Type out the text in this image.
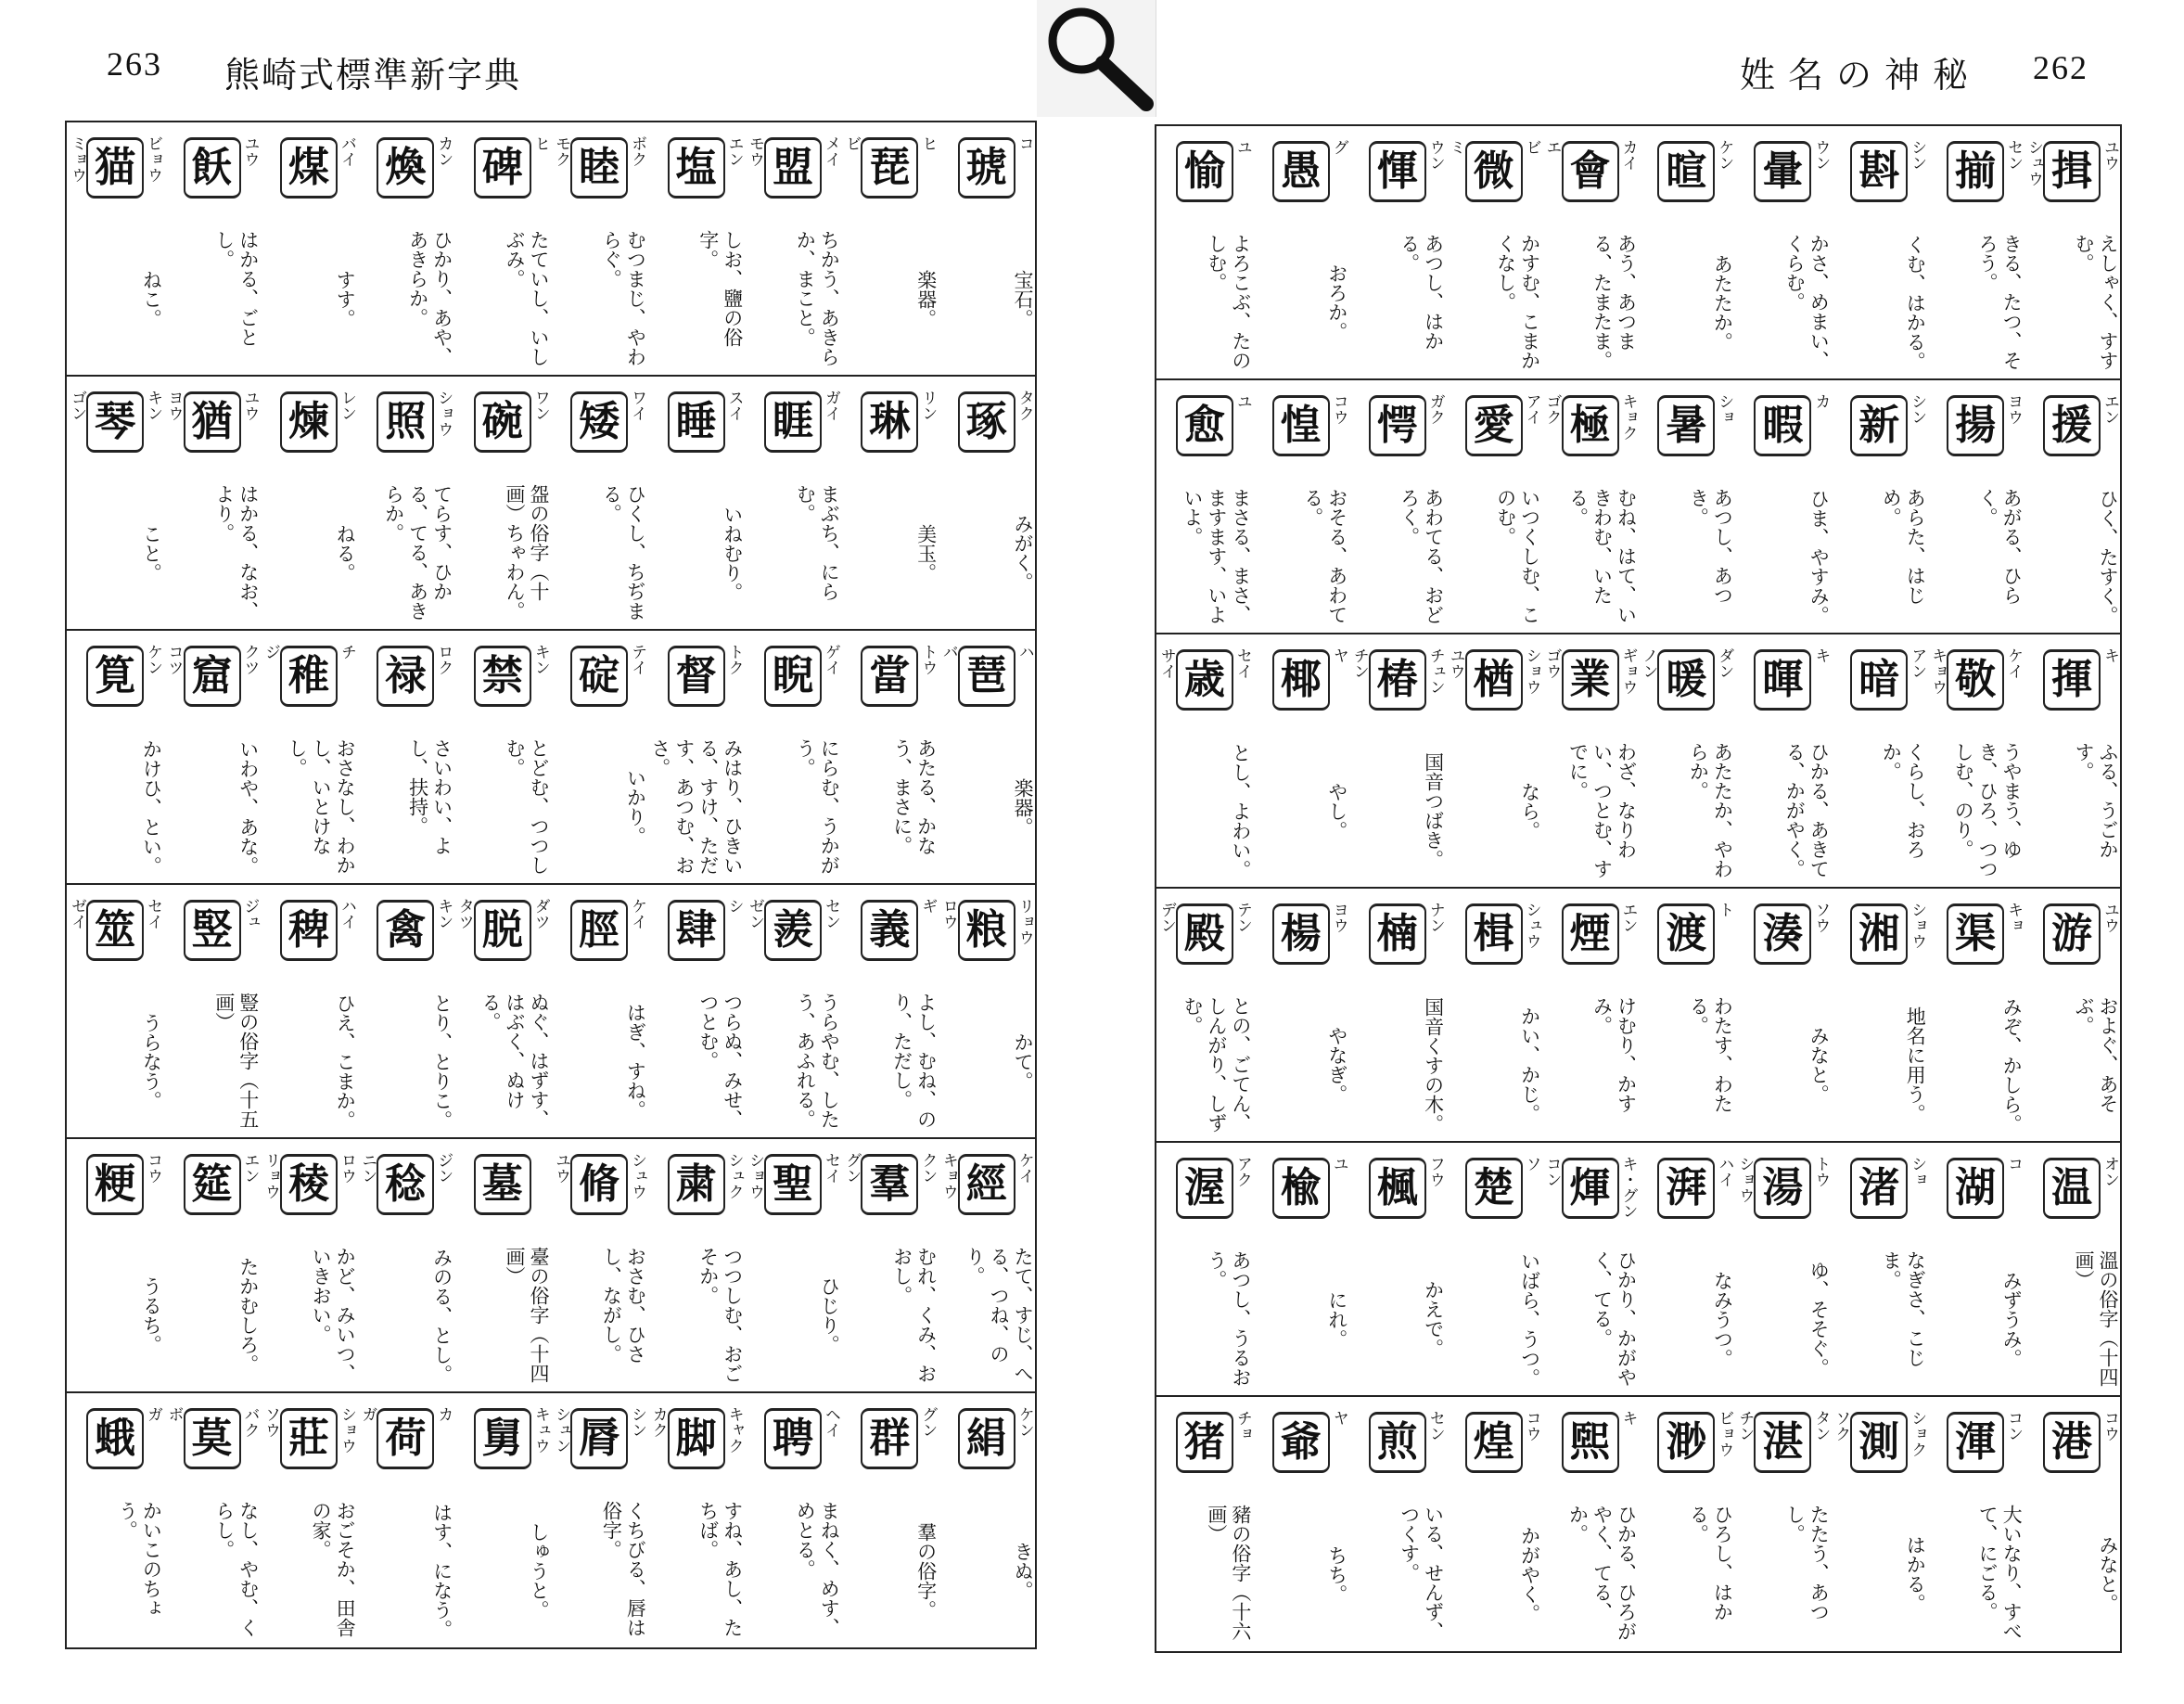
263 熊崎式標準新字典	姓名の神秘 262
琥
コ
宝石。
琵
ヒ
ビ
楽器。
盟 メイ
モウ
ちかう、あきらか、まこと。
塩 エン
しお、鹽の俗字。
睦 ボク
モク
むつまじ、やわらぐ。
碑
ヒ
たていし、いしぶみ。
煥 カン
ひかり、あや、あきらか。
煤 バイ
すす。
飫 ユウ
はかる、ごとし。
猫 ビョウ
ミョウ
ねこ。
琢 タク
みがく。
琳 リン
美玉。
睚 ガイ
まぶち、にらむ。
睡 スイ
いねむり。
矮 ワイ
ひくし、ちぢまる。
碗 ワン
盌の俗字（十画）ちゃわん。
照 ショウ
てらす、ひかる、てる、あきらか。
煉 レン
ねる。
猶 ユウ
ヨウ
はかる、なお、より。
琴 キン
ゴン
こと。
琶
ハ
バ
楽器。
當 トウ
あたる、かなう、まさに。
睨 ゲイ
にらむ、うかがう。
督 トク
みはり、ひきいる、すけ、ただす、あつむ、おさ。
碇 テイ
いかり。
禁 キン
とどむ、つつしむ。
禄 ロク
さいわい、よし、扶持。
稚
チ
ジ
おさなし、わかし、いとけなし。
窟 クツ
コツ
いわや、あな。
筧 ケン
かけひ、とい。
粮 リョウ
ロウ
かて。
義
ギ
よし、むね、のり、ただし。
羨 セン
ゼン
うらやむ、したう、あふれる。
肆
シ
つらぬ、みせ、つとむ。
脛 ケイ
はぎ、すね。
脱 ダツ
タツ
ぬぐ、はずす、はぶく、ぬける。
禽 キン
とり、とりこ。
稗 ハイ
ひえ、こまか。
竪 ジュ
豎の俗字（十五画）
筮 セイ
ゼイ
うらなう。
經 ケイ
キョウ
たて、すじ、へる、つね、のり。
羣 クン
グン
むれ、くみ、おおし。
聖 セイ
ショウ
ひじり。
粛 シュク
つつしむ、おごそか。
脩 シュウ
ユウ
おさむ、ひさし、ながし。
墓
臺の俗字（十四画）
稔 ジン
ニン
みのる、とし。
稜 ロウ
リョウ
かど、みいつ、いきおい。
筵 エン
たかむしろ。
粳 コウ
うるち。
絹 ケン
きぬ。
群 グン
羣の俗字。
聘 ヘイ
まねく、めす、めとる。
脚 キャク
カク
すね、あし、たちば。
脣 シン
シュン
くちびる、唇は俗字。
舅 キュウ
しゅうと。
荷
カ
ガ
はす、になう。
莊 ショウ
ソウ
おごそか、田舎の家。
莫 バク
ボ
なし、やむ、くらし。
蛾
ガ
かいこのちょう。
揖 ユウ
シュウ
えしゃく、すすむ。
揃 セン
きる、たつ、そろう。
斟 シン
くむ、はかる。
暈 ウン
かさ、めまい、くらむ。
暄 ケン
あたたか。
會 カイ
エ
あう、あつまる、たまたま。
微
ビ
ミ
かすむ、こまかくなし。
惲 ウン
あつし、はかる。
愚
グ
おろか。
愉
ユ
よろこぶ、たのしむ。
援 エン
ひく、たすく。
揚 ヨウ
あがる、ひらく。
新 シン
あらた、はじめ。
暇
カ
ひま、やすみ。
暑 ショ
あつし、あつき。
極 キョク
ゴク
むね、はて、いきわむ、いたる。
愛 アイ
いつくしむ、このむ。
愕 ガク
あわてる、おどろく。
惶 コウ
おそる、あわてる。
愈
ユ
まさる、まさ、ますます、いよいよ。
揮
キ
ふる、うごかす。
敬 ケイ
キョウ
うやまう、ゆき、ひろ、つつしむ、のり。
暗 アン
くらし、おろか。
暉
キ
ひかる、あきてる、かがやく。
暖 ダン
ノン
あたたか、やわらか。
業 ギョウ
ゴウ
わざ、なりわい、つとむ、すでに。
楢 ショウ
ユウ
なら。
椿 チュン
チン
国音つばき。
椰
ヤ
やし。
歳 セイ
サイ
とし、よわい。
游 ユウ
およぐ、あそぶ。
渠 キョ
みぞ、かしら。
湘 ショウ
地名に用う。
湊 ソウ
みなと。
渡
ト
わたす、わたる。
煙 エン
けむり、かすみ。
楫 シュウ
かい、かじ。
楠 ナン
国音くすの木。
楊 ヨウ
やなぎ。
殿 テン
デン
との、ごてん、しんがり、しずむ。
温 オン
溫の俗字（十四画）
湖
コ
みずうみ。
渚 ショ
なぎさ、こじま。
湯 トウ
ショウ
ゆ、そそぐ。
湃 ハイ
なみうつ。
煇 キ・グン
コン
ひかり、かがやく、てる。
楚
ソ
いばら、うつ。
楓 フウ
かえで。
楡
ユ
にれ。
渥 アク
あつし、うるおう。
港 コウ
みなと。
渾 コン
大いなり、すべて、にごる。
測 ショク
ソク
はかる。
湛 タン
チン
たたう、あつし。
渺 ビョウ
ひろし、はかる。
煕
キ
ひかる、ひろがやく、てる、か。
煌 コウ
かがやく。
煎 セン
いる、せんず、つくす。
爺
ヤ
ちち。
猪 チョ
豬の俗字（十六画）
